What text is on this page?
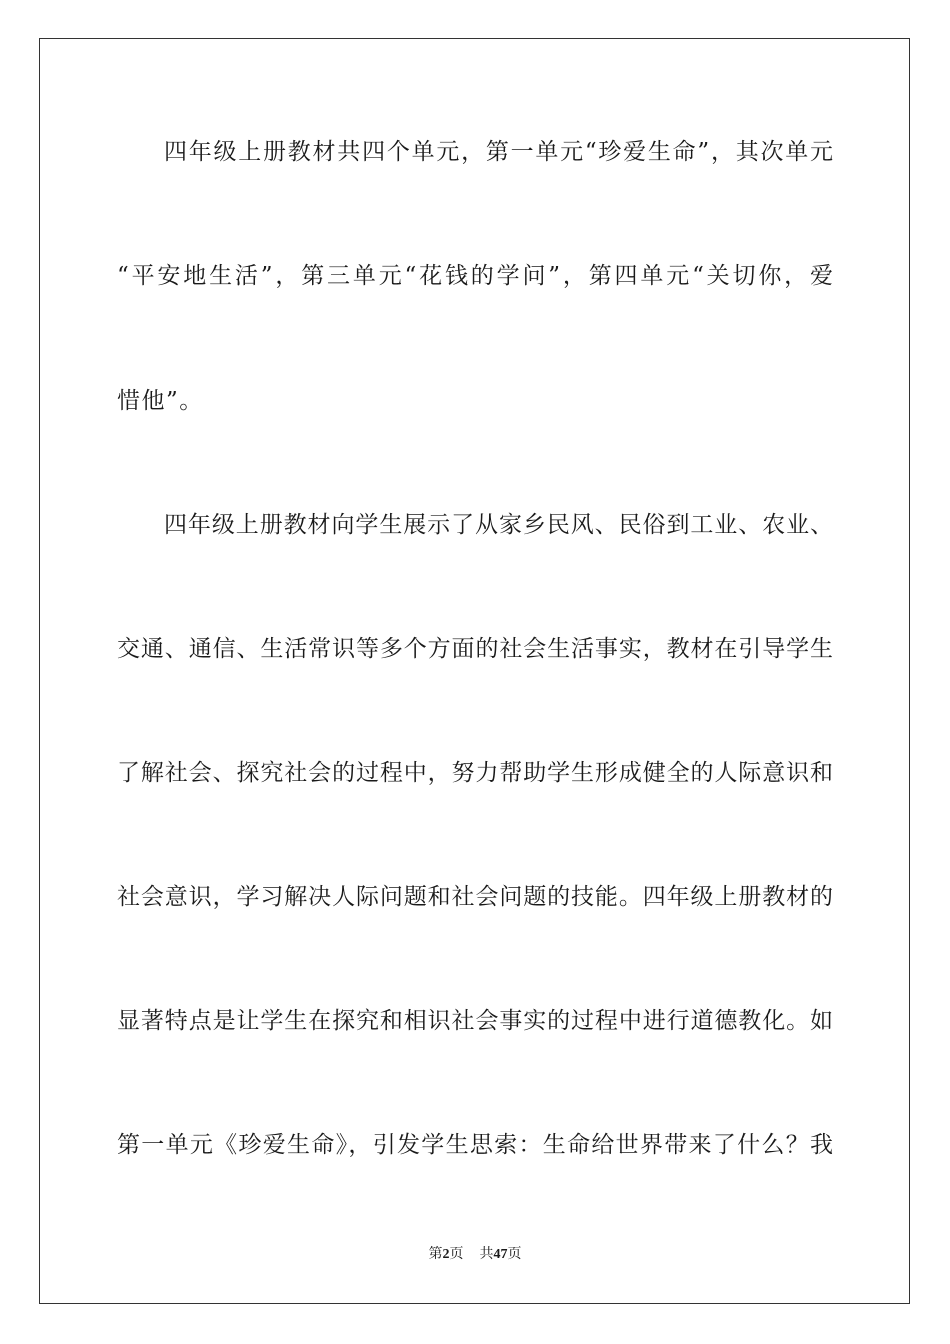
四年级上册教材共四个单元，第一单元“珍爱生命”，其次单元
“平安地生活”，第三单元“花钱的学问”，第四单元“关切你，爱
惜他”。
四年级上册教材向学生展示了从家乡民风、民俗到工业、农业、
交通、通信、生活常识等多个方面的社会生活事实，教材在引导学生
了解社会、探究社会的过程中，努力帮助学生形成健全的人际意识和
社会意识，学习解决人际问题和社会问题的技能。四年级上册教材的
显著特点是让学生在探究和相识社会事实的过程中进行道德教化。如
第一单元《珍爱生命》，引发学生思索：生命给世界带来了什么？我
第2页 共47页
